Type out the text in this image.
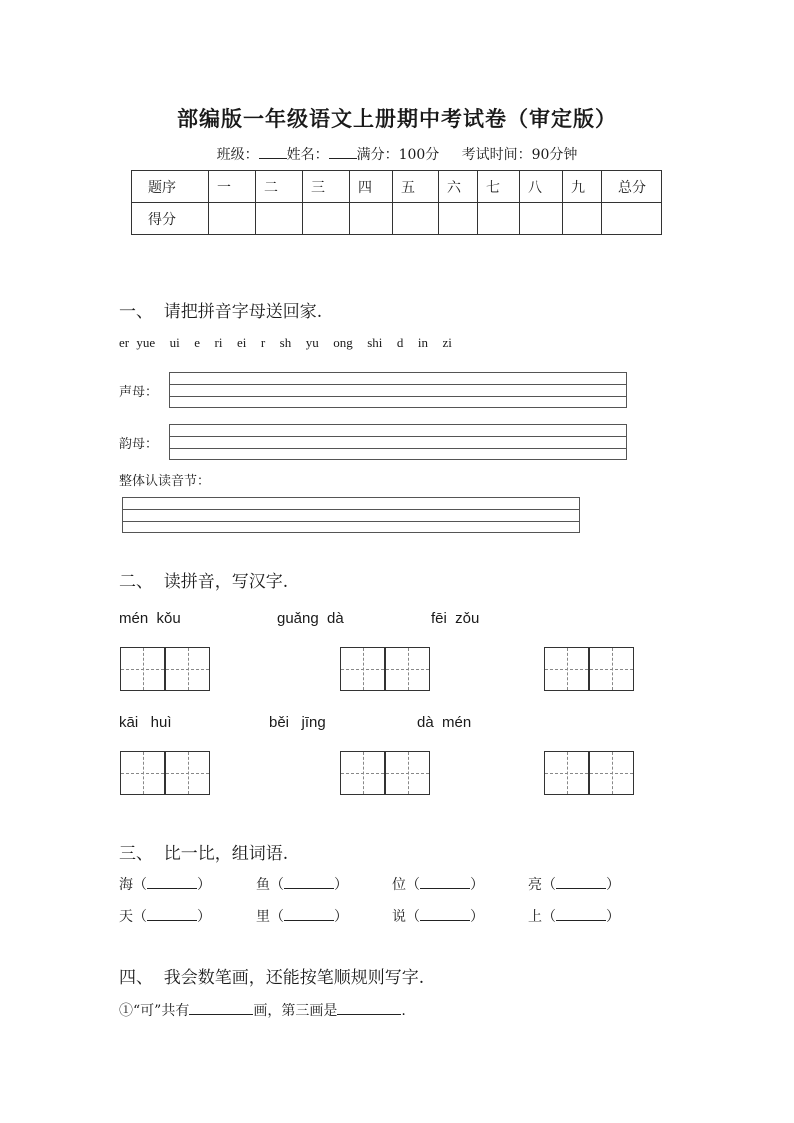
部编版一年级语文上册期中考试卷（审定版）
班级： 姓名： 满分：100分 考试时间：90分钟
题序	一	二	三	四	五	六	七	八	九	总分
得分										
一、  请把拼音字母送回家.
er yue  ui  e  ri  ei  r  sh  yu  ong  shi  d  in  zi
声母：
韵母：
整体认读音节：
二、  读拼音，写汉字.
mén  kǒu	guǎng  dà	fēi  zǒu
kāi   huì	běi   jīng	dà  mén
三、  比一比，组词语.
海（	）	鱼（	）	位（	）	亮（	）
天（	）	里（	）	说（	）	上（	）
四、  我会数笔画，还能按笔顺规则写字.
①“可”共有	画，第三画是	.
